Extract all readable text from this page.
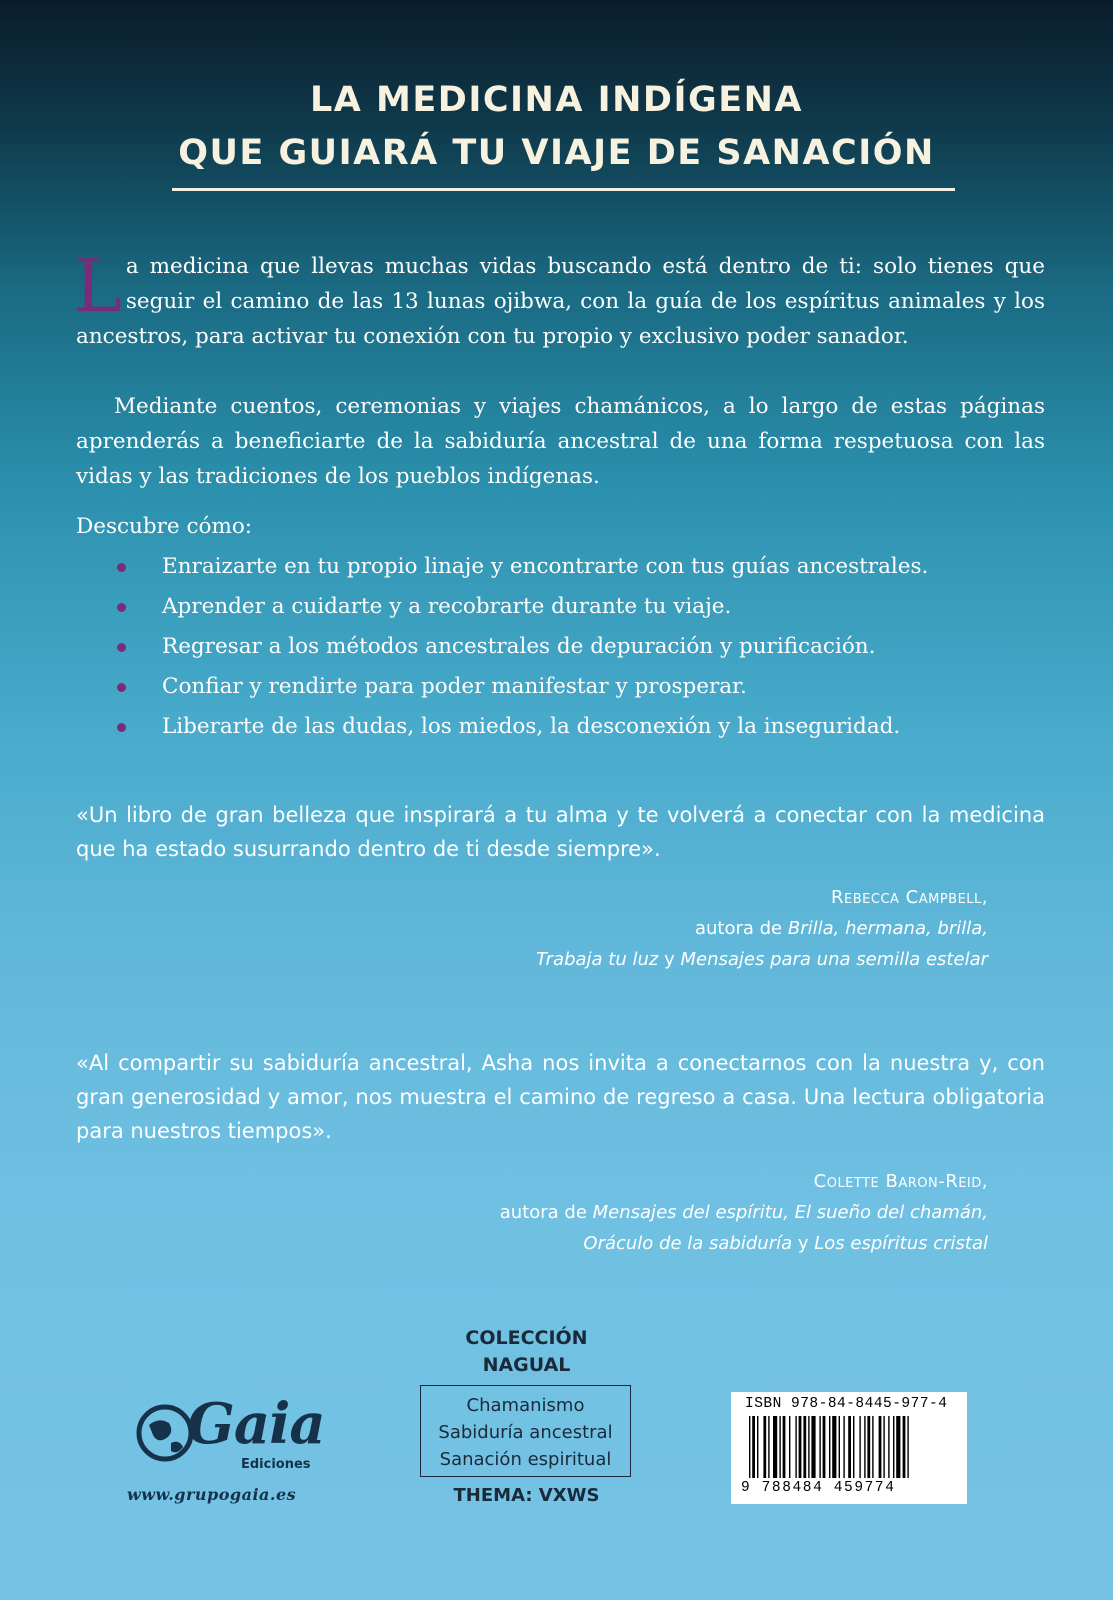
LA MEDICINA INDÍGENA
QUE GUIARÁ TU VIAJE DE SANACIÓN
L a medicina que llevas muchas vidas buscando está dentro de ti: solo tienes que seguir el camino de las 13 lunas ojibwa, con la guía de los espíritus animales y los ancestros, para activar tu conexión con tu propio y exclusivo poder sanador.
Mediante cuentos, ceremonias y viajes chamánicos, a lo largo de estas páginas aprenderás a beneficiarte de la sabiduría ancestral de una forma respetuosa con las vidas y las tradiciones de los pueblos indígenas.
Descubre cómo:
Enraizarte en tu propio linaje y encontrarte con tus guías ancestrales.
Aprender a cuidarte y a recobrarte durante tu viaje.
Regresar a los métodos ancestrales de depuración y purificación.
Confiar y rendirte para poder manifestar y prosperar.
Liberarte de las dudas, los miedos, la desconexión y la inseguridad.
«Un libro de gran belleza que inspirará a tu alma y te volverá a conectar con la medicina que ha estado susurrando dentro de ti desde siempre».
Rebecca Campbell,
autora de Brilla, hermana, brilla,
Trabaja tu luz y Mensajes para una semilla estelar
«Al compartir su sabiduría ancestral, Asha nos invita a conectarnos con la nuestra y, con gran generosidad y amor, nos muestra el camino de regreso a casa. Una lectura obligatoria para nuestros tiempos».
Colette Baron-Reid,
autora de Mensajes del espíritu, El sueño del chamán,
Oráculo de la sabiduría y Los espíritus cristal
Gaia
Ediciones
www.grupogaia.es
COLECCIÓN
NAGUAL
Chamanismo
Sabiduría ancestral
Sanación espiritual
THEMA: VXWS
ISBN 978-84-8445-977-4
9 788484 459774
